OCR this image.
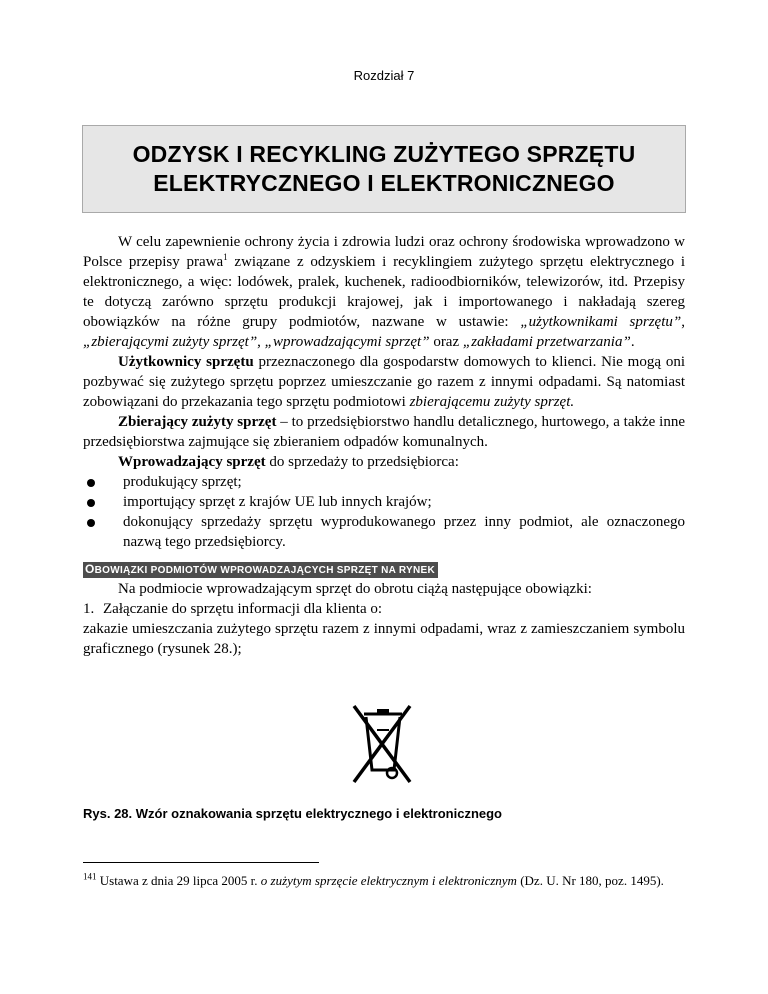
Rozdział 7
ODZYSK I RECYKLING ZUŻYTEGO SPRZĘTU
ELEKTRYCZNEGO I ELEKTRONICZNEGO

W celu zapewnienie ochrony życia i zdrowia ludzi oraz ochrony środowiska wprowadzono w Polsce przepisy prawa$^1$ związane z odzyskiem i recyklingiem zużytego sprzętu elektrycznego i elektronicznego, a więc: lodówek, pralek, kuchenek, radioodbiorników, telewizorów, itd. Przepisy te dotyczą zarówno sprzętu produkcji krajowej, jak i importowanego i nakładają szereg obowiązków na różne grupy podmiotów, nazwane w ustawie: „użytkownikami sprzętu”, „zbierającymi zużyty sprzęt”, „wprowadzającymi sprzęt” oraz „zakładami przetwarzania”.

Użytkownicy sprzętu przeznaczonego dla gospodarstw domowych to klienci. Nie mogą oni pozbywać się zużytego sprzętu poprzez umieszczanie go razem z innymi odpadami. Są natomiast zobowiązani do przekazania tego sprzętu podmiotowi zbierającemu zużyty sprzęt.

Zbierający zużyty sprzęt – to przedsiębiorstwo handlu detalicznego, hurtowego, a także inne przedsiębiorstwa zajmujące się zbieraniem odpadów komunalnych.

Wprowadzający sprzęt do sprzedaży to przedsiębiorca:

produkujący sprzęt;
importujący sprzęt z krajów UE lub innych krajów;
dokonujący sprzedaży sprzętu wyprodukowanego przez inny podmiot, ale oznaczonego nazwą tego przedsiębiorcy.
OBOWIĄZKI PODMIOTÓW WPROWADZAJĄCYCH SPRZĘT NA RYNEK

Na podmiocie wprowadzającym sprzęt do obrotu ciążą następujące obowiązki:

1. Załączanie do sprzętu informacji dla klienta o:

zakazie umieszczania zużytego sprzętu razem z innymi odpadami, wraz z zamieszczaniem symbolu graficznego (rysunek 28.);

Rys. 28. Wzór oznakowania sprzętu elektrycznego i elektronicznego
$^{141}$ Ustawa z dnia 29 lipca 2005 r. o zużytym sprzęcie elektrycznym i elektronicznym (Dz. U. Nr 180, poz. 1495).
